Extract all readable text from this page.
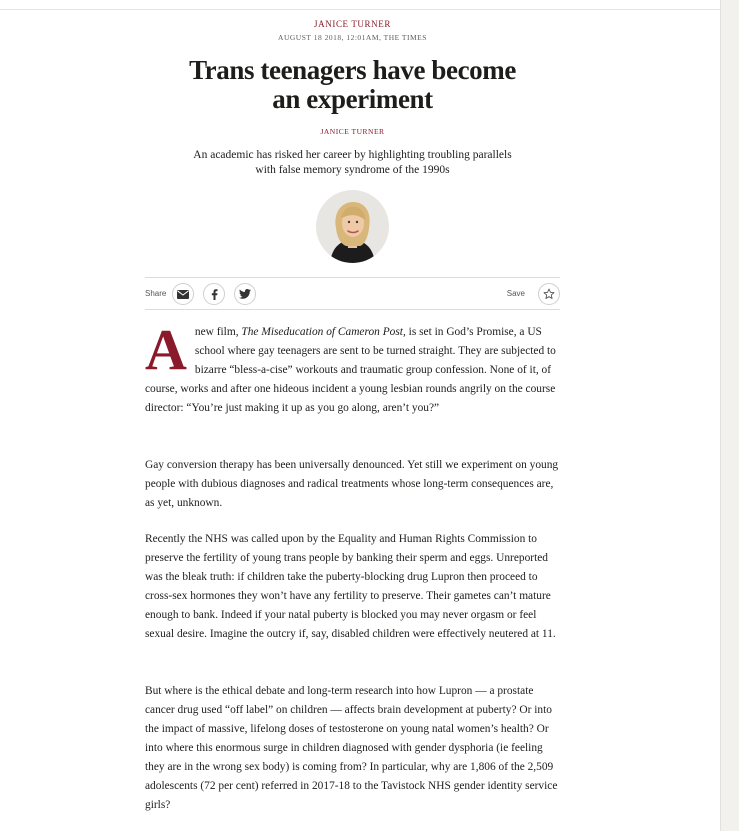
JANICE TURNER
AUGUST 18 2018, 12:01AM, THE TIMES
Trans teenagers have become
an experiment
JANICE TURNER
An academic has risked her career by highlighting troubling parallels
with false memory syndrome of the 1990s
Share	Save

A new film, The Miseducation of Cameron Post, is set in God’s Promise, a US school where gay teenagers are sent to be turned straight. They are subjected to bizarre “bless-a-cise” workouts and traumatic group confession. None of it, of course, works and after one hideous incident a young lesbian rounds angrily on the course director: “You’re just making it up as you go along, aren’t you?”

Gay conversion therapy has been universally denounced. Yet still we experiment on young people with dubious diagnoses and radical treatments whose long-term consequences are, as yet, unknown.

Recently the NHS was called upon by the Equality and Human Rights Commission to preserve the fertility of young trans people by banking their sperm and eggs. Unreported was the bleak truth: if children take the puberty-blocking drug Lupron then proceed to cross-sex hormones they won’t have any fertility to preserve. Their gametes can’t mature enough to bank. Indeed if your natal puberty is blocked you may never orgasm or feel sexual desire. Imagine the outcry if, say, disabled children were effectively neutered at 11.

But where is the ethical debate and long-term research into how Lupron — a prostate cancer drug used “off label” on children — affects brain development at puberty? Or into the impact of massive, lifelong doses of testosterone on young natal women’s health? Or into where this enormous surge in children diagnosed with gender dysphoria (ie feeling they are in the wrong sex body) is coming from? In particular, why are 1,806 of the 2,509 adolescents (72 per cent) referred in 2017-18 to the Tavistock NHS gender identity service girls?
